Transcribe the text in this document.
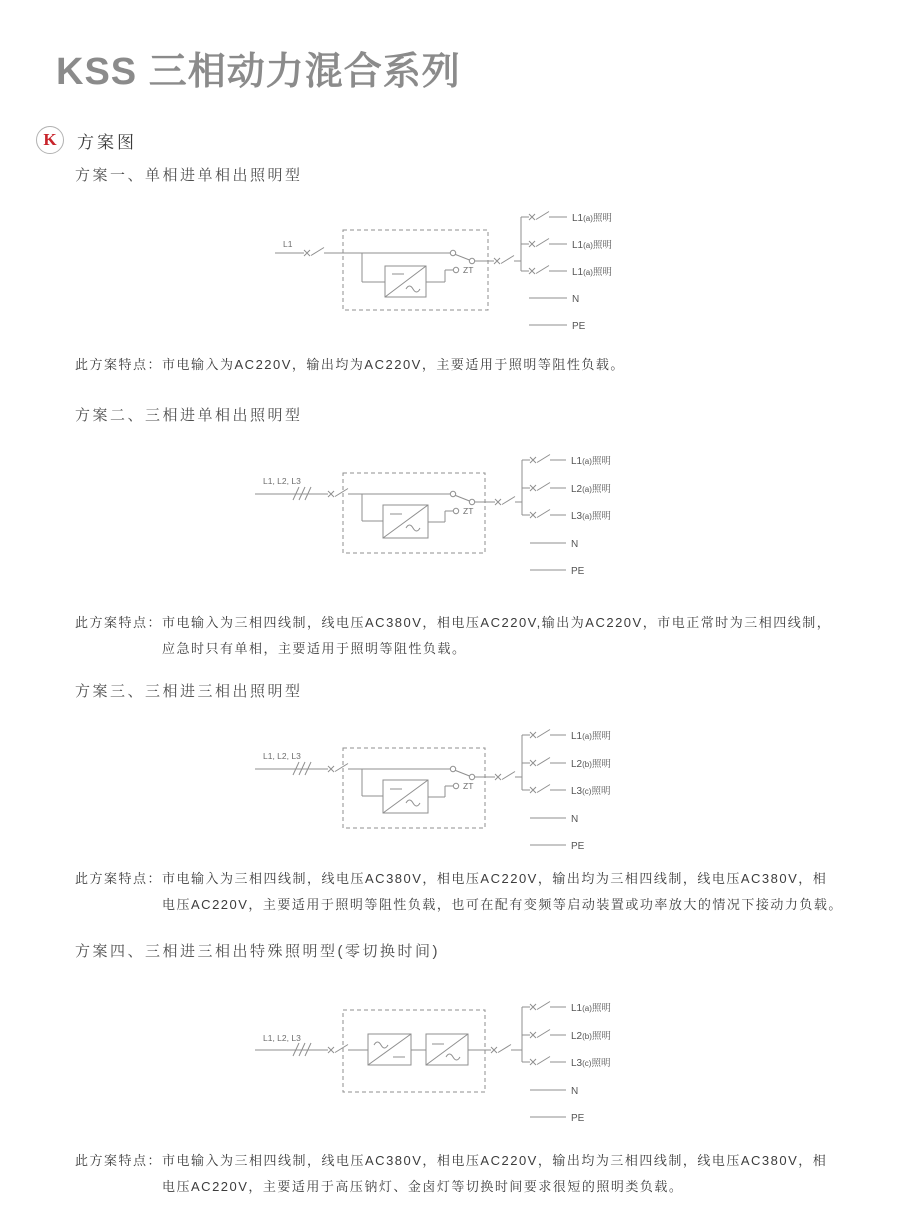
KSS 三相动力混合系列
K	方案图
方案一、单相进单相出照明型
L1
ZT
L1(a)照明
L1(a)照明
L1(a)照明
N
PE
此方案特点： 市电输入为AC220V，输出均为AC220V，主要适用于照明等阻性负载。
方案二、三相进单相出照明型
L1, L2, L3
ZT
L1(a)照明
L2(a)照明
L3(a)照明
N
PE
此方案特点： 市电输入为三相四线制，线电压AC380V，相电压AC220V,输出为AC220V，市电正常时为三相四线制，
应急时只有单相，主要适用于照明等阻性负载。
方案三、三相进三相出照明型
L1, L2, L3
ZT
L1(a)照明
L2(b)照明
L3(c)照明
N
PE
此方案特点： 市电输入为三相四线制，线电压AC380V，相电压AC220V，输出均为三相四线制，线电压AC380V，相
电压AC220V，主要适用于照明等阻性负载，也可在配有变频等启动装置或功率放大的情况下接动力负载。
方案四、三相进三相出特殊照明型(零切换时间)
L1, L2, L3
L1(a)照明
L2(b)照明
L3(c)照明
N
PE
此方案特点： 市电输入为三相四线制，线电压AC380V，相电压AC220V，输出均为三相四线制，线电压AC380V，相
电压AC220V，主要适用于高压钠灯、金卤灯等切换时间要求很短的照明类负载。
